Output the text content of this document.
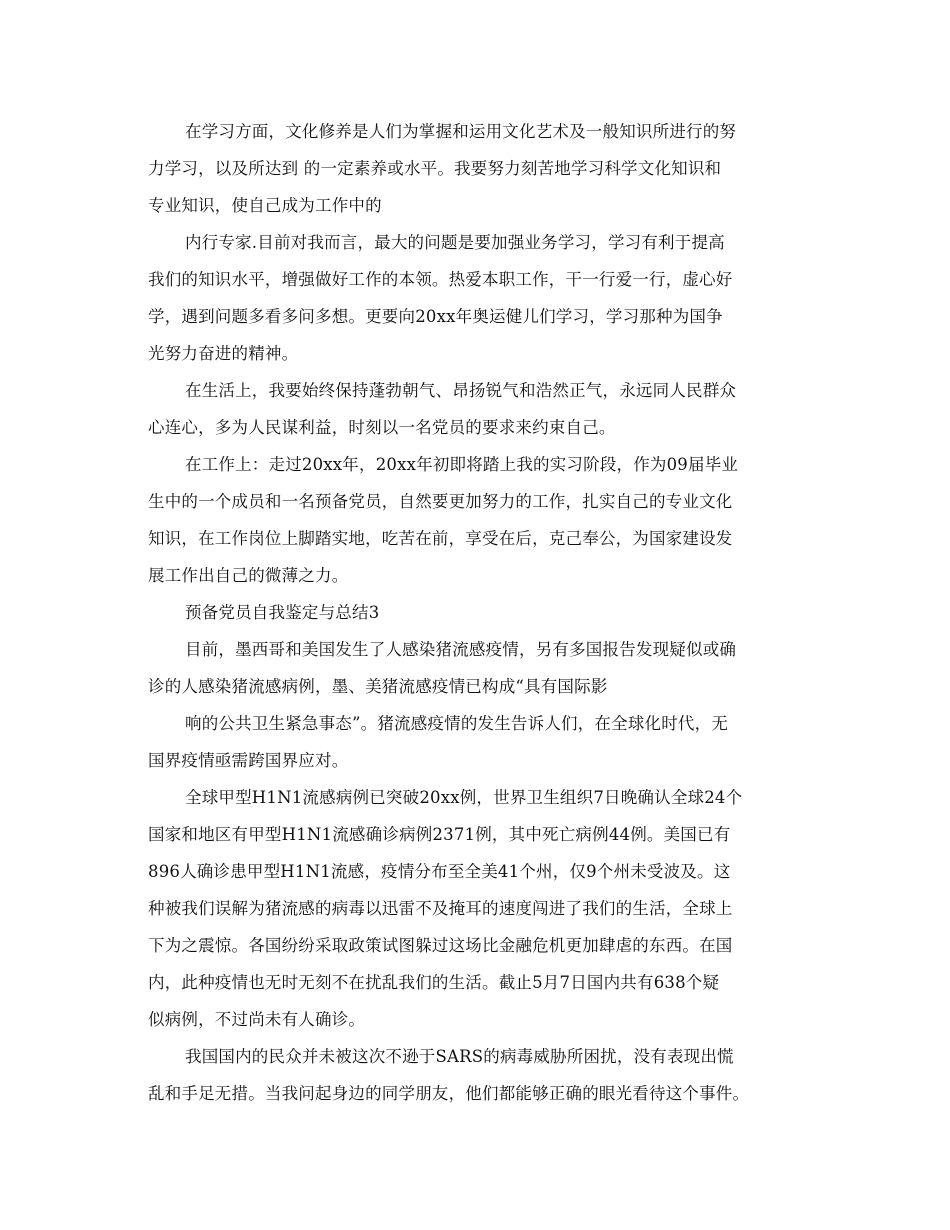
在学习方面，文化修养是人们为掌握和运用文化艺术及一般知识所进行的努
力学习，以及所达到 的一定素养或水平。我要努力刻苦地学习科学文化知识和
专业知识，使自己成为工作中的
内行专家.目前对我而言，最大的问题是要加强业务学习，学习有利于提高
我们的知识水平，增强做好工作的本领。热爱本职工作，干一行爱一行，虚心好
学，遇到问题多看多问多想。更要向20xx年奥运健儿们学习，学习那种为国争
光努力奋进的精神。
在生活上，我要始终保持蓬勃朝气、昂扬锐气和浩然正气，永远同人民群众
心连心，多为人民谋利益，时刻以一名党员的要求来约束自己。
在工作上：走过20xx年，20xx年初即将踏上我的实习阶段，作为09届毕业
生中的一个成员和一名预备党员，自然要更加努力的工作，扎实自己的专业文化
知识，在工作岗位上脚踏实地，吃苦在前，享受在后，克己奉公，为国家建设发
展工作出自己的微薄之力。
预备党员自我鉴定与总结3
目前，墨西哥和美国发生了人感染猪流感疫情，另有多国报告发现疑似或确
诊的人感染猪流感病例，墨、美猪流感疫情已构成“具有国际影
响的公共卫生紧急事态”。猪流感疫情的发生告诉人们，在全球化时代，无
国界疫情亟需跨国界应对。
全球甲型H1N1流感病例已突破20xx例，世界卫生组织7日晚确认全球24个
国家和地区有甲型H1N1流感确诊病例2371例，其中死亡病例44例。美国已有
896人确诊患甲型H1N1流感，疫情分布至全美41个州，仅9个州未受波及。这
种被我们误解为猪流感的病毒以迅雷不及掩耳的速度闯进了我们的生活，全球上
下为之震惊。各国纷纷采取政策试图躲过这场比金融危机更加肆虐的东西。在国
内，此种疫情也无时无刻不在扰乱我们的生活。截止5月7日国内共有638个疑
似病例，不过尚未有人确诊。
我国国内的民众并未被这次不逊于SARS的病毒威胁所困扰，没有表现出慌
乱和手足无措。当我问起身边的同学朋友，他们都能够正确的眼光看待这个事件。
